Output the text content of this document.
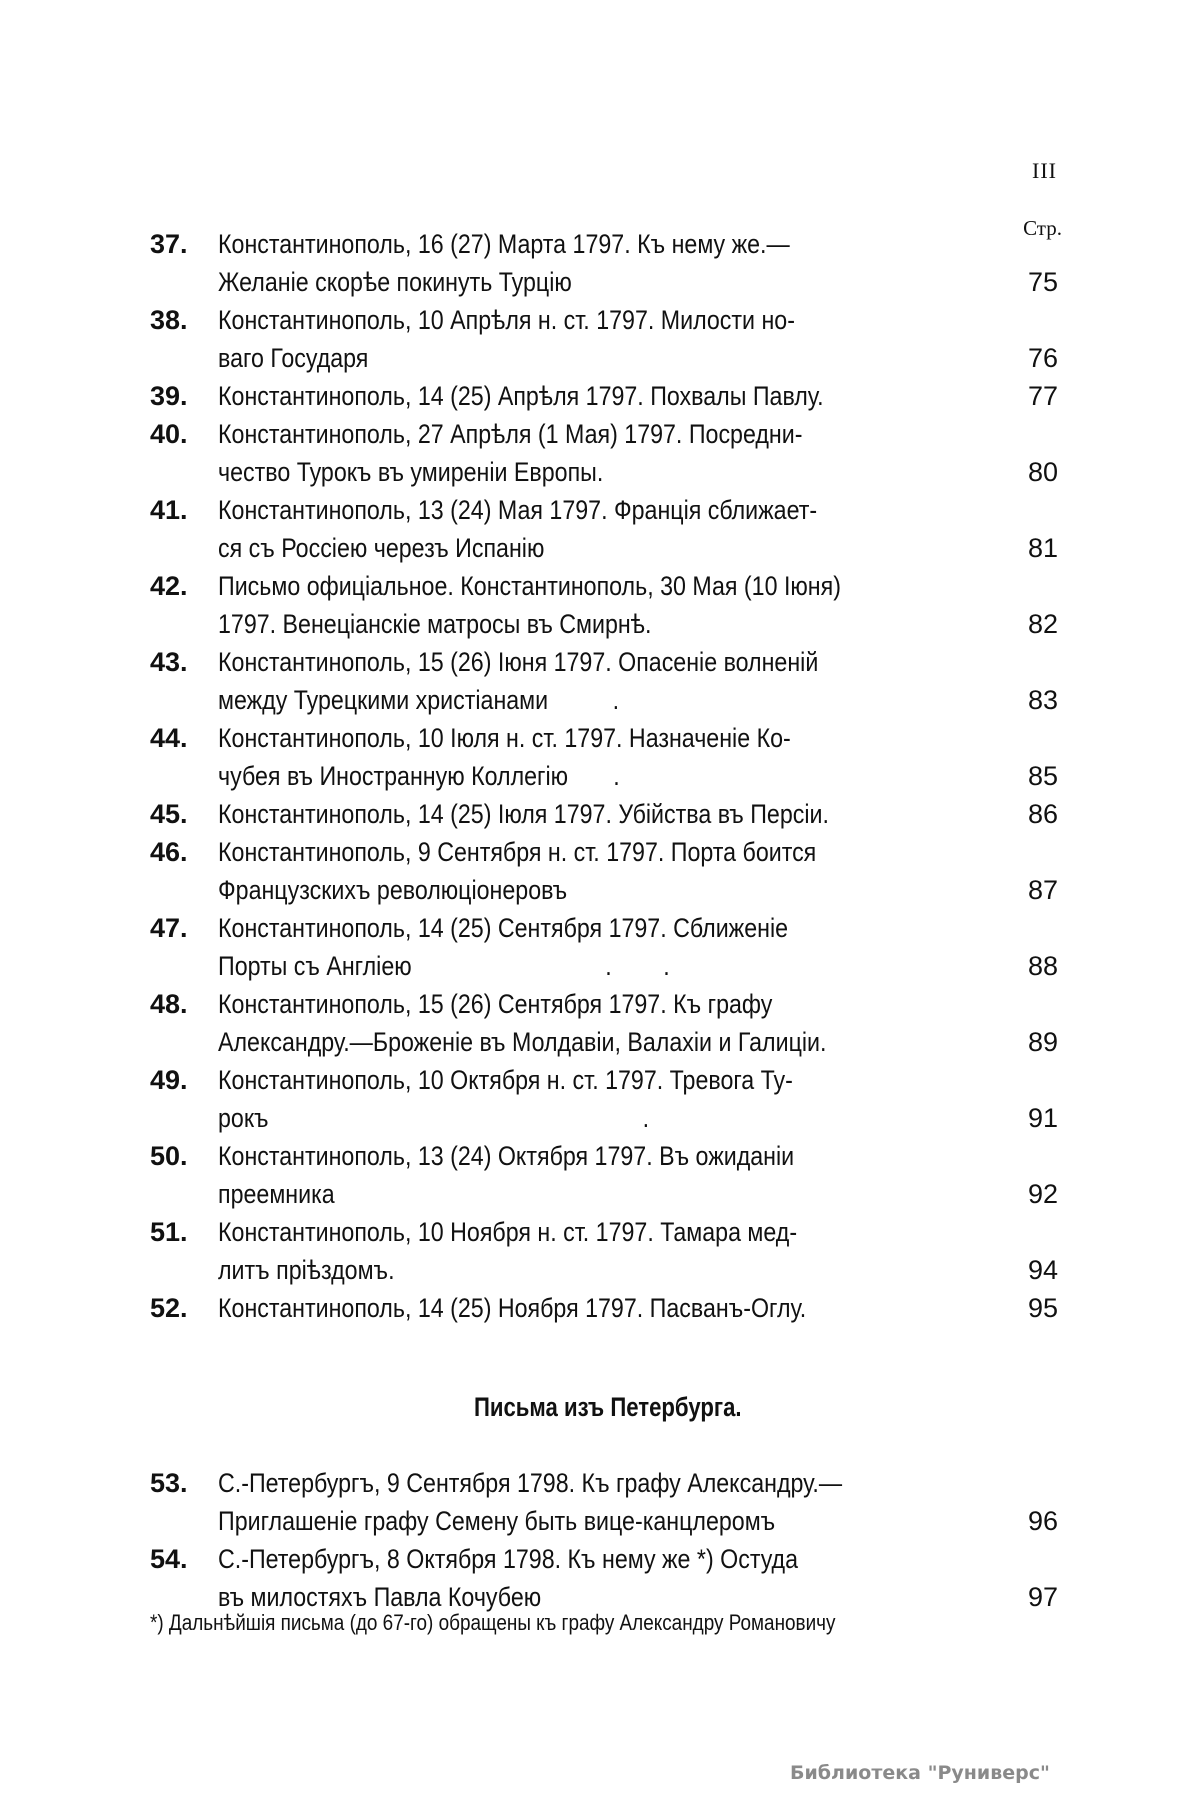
III
Стр.
37.	Константинополь, 16 (27) Марта 1797. Къ нему же.—
Желаніе скорѣе покинуть Турцію	75
38.	Константинополь, 10 Апрѣля н. ст. 1797. Милости но-
ваго Государя	76
39.	Константинополь, 14 (25) Апрѣля 1797. Похвалы Павлу.	77
40.	Константинополь, 27 Апрѣля (1 Мая) 1797. Посредни-
чество Турокъ въ умиреніи Европы.	80
41.	Константинополь, 13 (24) Мая 1797. Франція сближает-
ся съ Россіею черезъ Испанію	81
42.	Письмо офиціальное. Константинополь, 30 Мая (10 Іюня)
1797. Венеціанскіе матросы въ Смирнѣ.	82
43.	Константинополь, 15 (26) Іюня 1797. Опасеніе волненій
между Турецкими христіанами          .	83
44.	Константинополь, 10 Іюля н. ст. 1797. Назначеніе Ко-
чубея въ Иностранную Коллегію       .	85
45.	Константинополь, 14 (25) Іюля 1797. Убійства въ Персіи.	86
46.	Константинополь, 9 Сентября н. ст. 1797. Порта боится
Французскихъ революціонеровъ	87
47.	Константинополь, 14 (25) Сентября 1797. Сближеніе
Порты съ Англіею                              .        .	88
48.	Константинополь, 15 (26) Сентября 1797. Къ графу
Александру.—Броженіе въ Молдавіи, Валахіи и Галиціи.	89
49.	Константинополь, 10 Октября н. ст. 1797. Тревога Ту-
рокъ                                                          .	91
50.	Константинополь, 13 (24) Октября 1797. Въ ожиданіи
преемника	92
51.	Константинополь, 10 Ноября н. ст. 1797. Тамара мед-
литъ пріѣздомъ.	94
52.	Константинополь, 14 (25) Ноября 1797. Пасванъ-Оглу.	95
Письма изъ Петербурга.
53.	С.-Петербургъ, 9 Сентября 1798. Къ графу Александру.—
Приглашеніе графу Семену быть вице-канцлеромъ	96
54.	С.-Петербургъ, 8 Октября 1798. Къ нему же *) Остуда
въ милостяхъ Павла Кочубею	97
*) Дальнѣйшія письма (до 67-го) обращены къ графу Александру Романовичу
Библиотека "Руниверс"
